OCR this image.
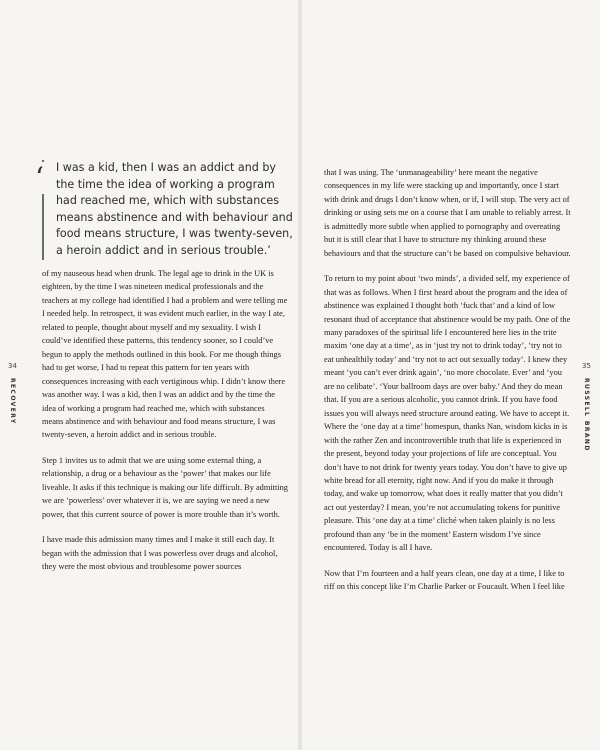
‘ I was a kid, then I was an addict and by the time the idea of working a program had reached me, which with substances means abstinence and with behaviour and food means structure, I was twenty-seven, a heroin addict and in serious trouble.’

of my nauseous head when drunk. The legal age to drink in the UK is eighteen, by the time I was nineteen medical professionals and the teachers at my college had identified I had a problem and were telling me I needed help. In retrospect, it was evident much earlier, in the way I ate, related to people, thought about myself and my sexuality. I wish I could’ve identified these patterns, this tendency sooner, so I could’ve begun to apply the methods outlined in this book. For me though things had to get worse, I had to repeat this pattern for ten years with consequences increasing with each vertiginous whip. I didn’t know there was another way. I was a kid, then I was an addict and by the time the idea of working a program had reached me, which with substances means abstinence and with behaviour and food means structure, I was twenty-seven, a heroin addict and in serious trouble.

Step 1 invites us to admit that we are using some external thing, a relationship, a drug or a behaviour as the ‘power’ that makes our life liveable. It asks if this technique is making our life difficult. By admitting we are ‘powerless’ over whatever it is, we are saying we need a new power, that this current source of power is more trouble than it’s worth.

I have made this admission many times and I make it still each day. It began with the admission that I was powerless over drugs and alcohol, they were the most obvious and troublesome power sources

34
RECOVERY

that I was using. The ‘unmanageability’ here meant the negative consequences in my life were stacking up and importantly, once I start with drink and drugs I don’t know when, or if, I will stop. The very act of drinking or using sets me on a course that I am unable to reliably arrest. It is admittedly more subtle when applied to pornography and overeating but it is still clear that I have to structure my thinking around these behaviours and that the structure can’t be based on compulsive behaviour.

To return to my point about ‘two minds’, a divided self, my experience of that was as follows. When I first heard about the program and the idea of abstinence was explained I thought both ‘fuck that’ and a kind of low resonant thud of acceptance that abstinence would be my path. One of the many paradoxes of the spiritual life I encountered here lies in the trite maxim ‘one day at a time’, as in ‘just try not to drink today’, ‘try not to eat unhealthily today’ and ‘try not to act out sexually today’. I knew they meant ‘you can’t ever drink again’, ‘no more chocolate. Ever’ and ‘you are no celibate’. ‘Your ballroom days are over baby.’ And they do mean that. If you are a serious alcoholic, you cannot drink. If you have food issues you will always need structure around eating. We have to accept it. Where the ‘one day at a time’ homespun, thanks Nan, wisdom kicks in is with the rather Zen and incontrovertible truth that life is experienced in the present, beyond today your projections of life are conceptual. You don’t have to not drink for twenty years today. You don’t have to give up white bread for all eternity, right now. And if you do make it through today, and wake up tomorrow, what does it really matter that you didn’t act out yesterday? I mean, you’re not accumulating tokens for punitive pleasure. This ‘one day at a time’ cliché when taken plainly is no less profound than any ‘be in the moment’ Eastern wisdom I’ve since encountered. Today is all I have.

Now that I’m fourteen and a half years clean, one day at a time, I like to riff on this concept like I’m Charlie Parker or Foucault. When I feel like

35
RUSSELL BRAND
